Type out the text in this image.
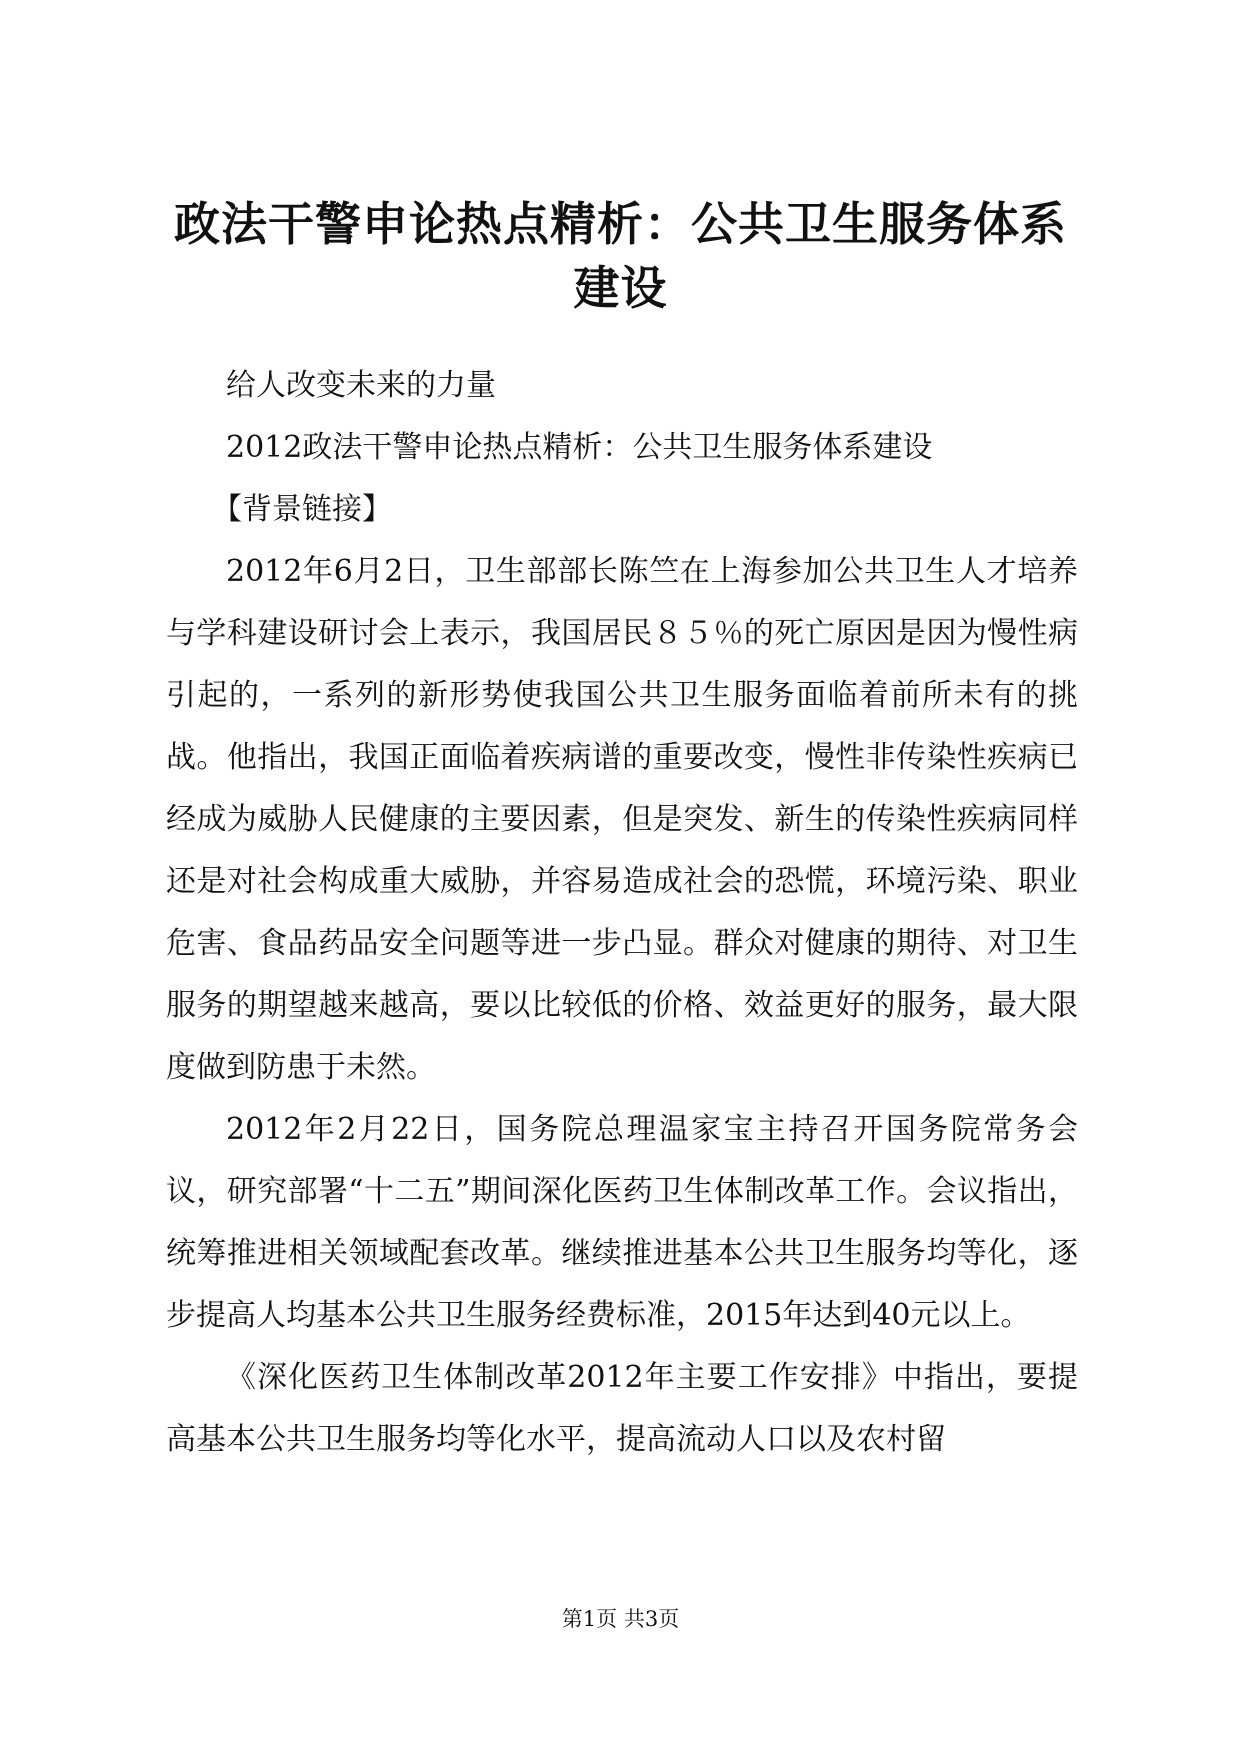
政法干警申论热点精析：公共卫生服务体系建设

给人改变未来的力量

2012政法干警申论热点精析：公共卫生服务体系建设

【背景链接】

2012年6月2日，卫生部部长陈竺在上海参加公共卫生人才培养与学科建设研讨会上表示，我国居民８５％的死亡原因是因为慢性病引起的，一系列的新形势使我国公共卫生服务面临着前所未有的挑战。他指出，我国正面临着疾病谱的重要改变，慢性非传染性疾病已经成为威胁人民健康的主要因素，但是突发、新生的传染性疾病同样还是对社会构成重大威胁，并容易造成社会的恐慌，环境污染、职业危害、食品药品安全问题等进一步凸显。群众对健康的期待、对卫生服务的期望越来越高，要以比较低的价格、效益更好的服务，最大限度做到防患于未然。

2012年2月22日，国务院总理温家宝主持召开国务院常务会议，研究部署“十二五”期间深化医药卫生体制改革工作。会议指出，统筹推进相关领域配套改革。继续推进基本公共卫生服务均等化，逐步提高人均基本公共卫生服务经费标准，2015年达到40元以上。

《深化医药卫生体制改革2012年主要工作安排》中指出，要提高基本公共卫生服务均等化水平，提高流动人口以及农村留

第1页 共3页
